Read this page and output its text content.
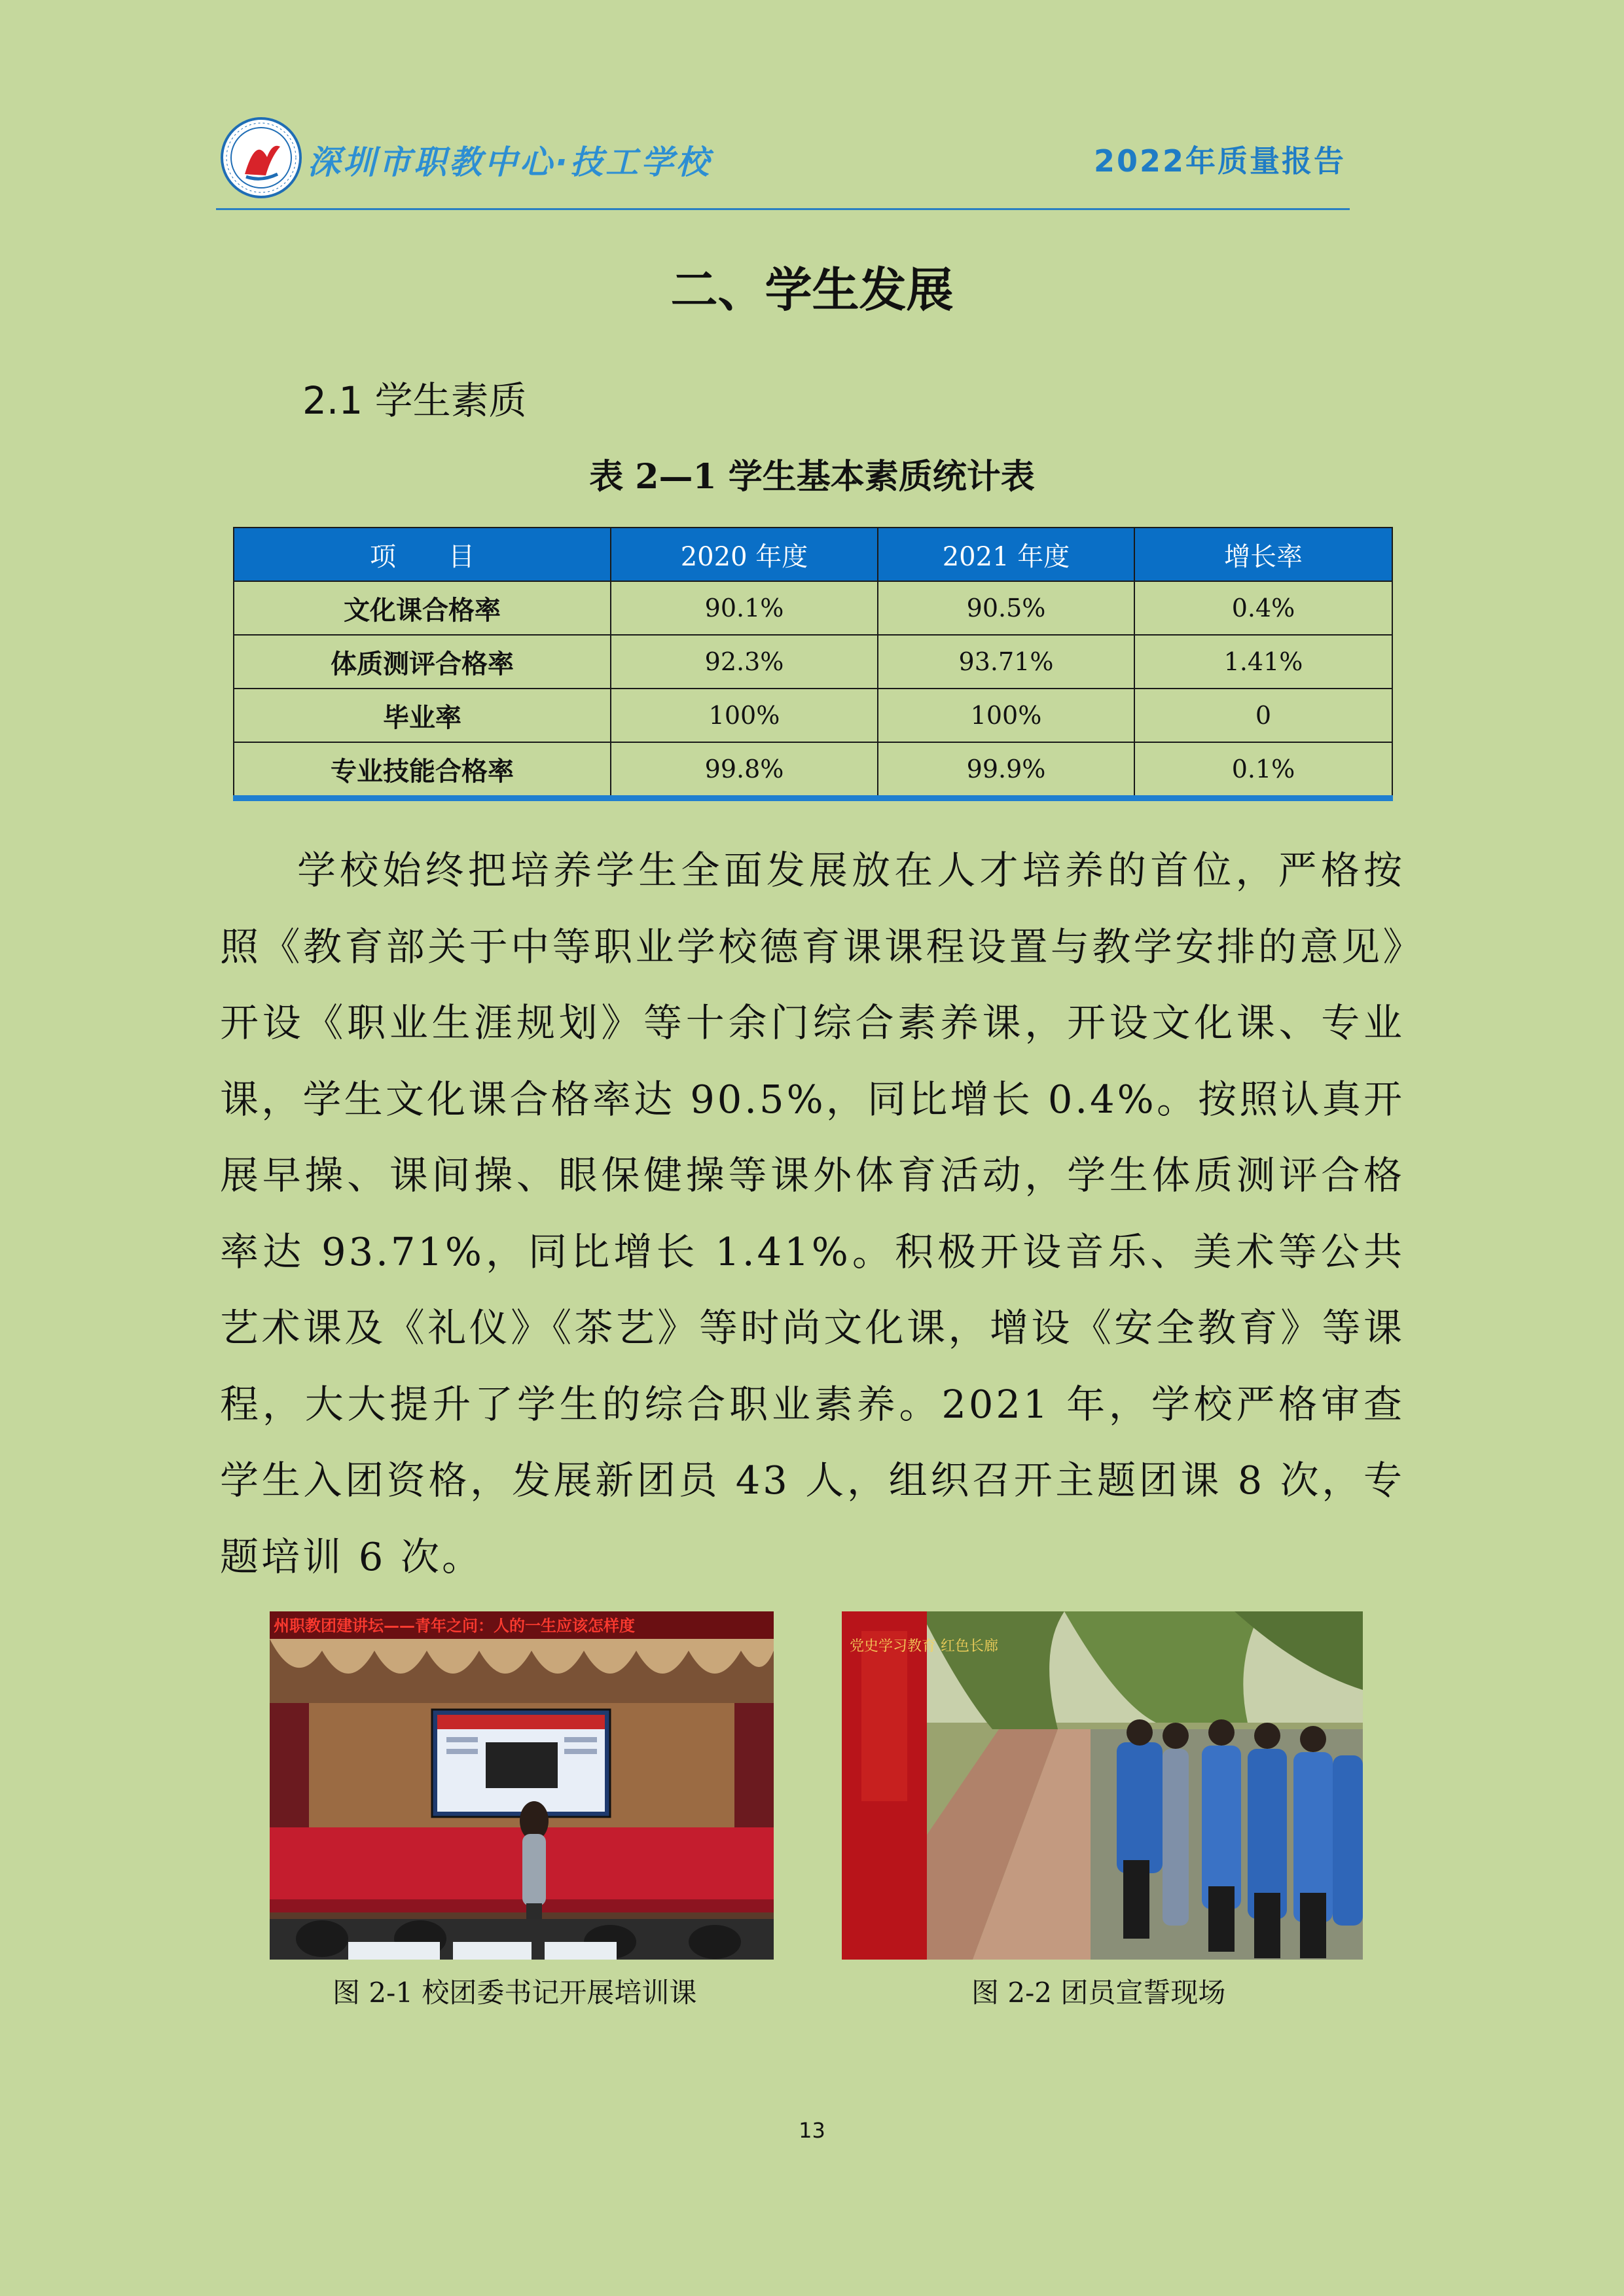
深圳市职教中心·技工学校	2022年质量报告
二、学生发展
2.1 学生素质
表 2—1 学生基本素质统计表
项　　目	2020 年度	2021 年度	增长率
文化课合格率	90.1%	90.5%	0.4%
体质测评合格率	92.3%	93.71%	1.41%
毕业率	100%	100%	0
专业技能合格率	99.8%	99.9%	0.1%

学校始终把培养学生全面发展放在人才培养的首位，严格按照《教育部关于中等职业学校德育课课程设置与教学安排的意见》开设《职业生涯规划》等十余门综合素养课，开设文化课、专业课，学生文化课合格率达 90.5%，同比增长 0.4%。按照认真开展早操、课间操、眼保健操等课外体育活动，学生体质测评合格率达 93.71%，同比增长 1.41%。积极开设音乐、美术等公共艺术课及《礼仪》《茶艺》等时尚文化课，增设《安全教育》等课程，大大提升了学生的综合职业素养。2021 年，学校严格审查学生入团资格，发展新团员 43 人，组织召开主题团课 8 次，专题培训 6 次。

州职教团建讲坛——青年之问：人的一生应该怎样度
党史学习教育 红色长廊
图 2-1 校团委书记开展培训课	图 2-2 团员宣誓现场
13
